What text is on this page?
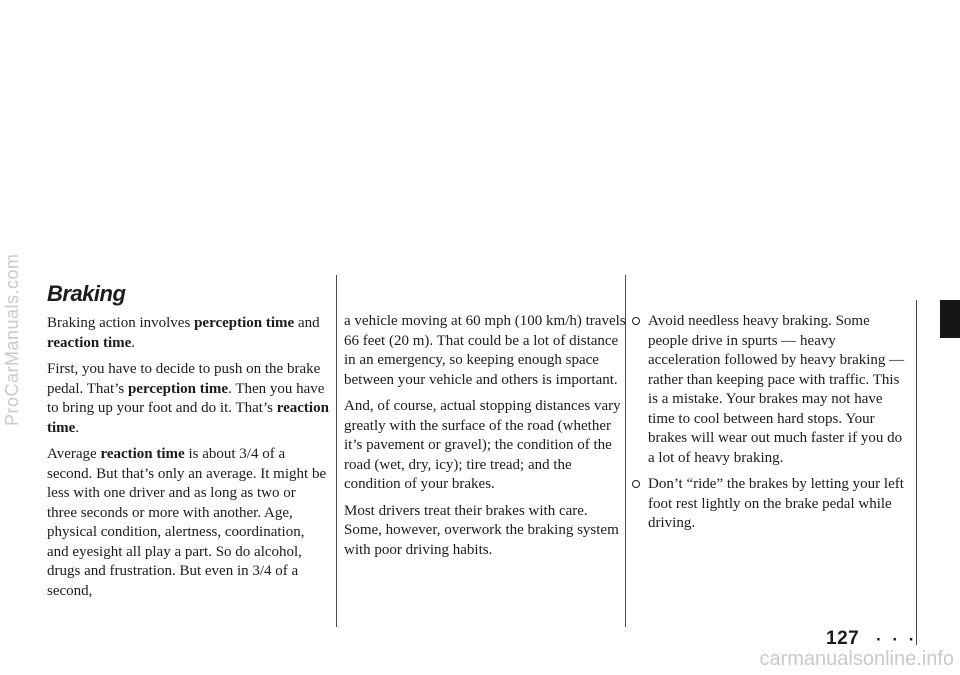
ProCarManuals.com
carmanualsonline.info
Braking

Braking action involves perception time and reaction time.

First, you have to decide to push on the brake pedal. That’s perception time. Then you have to bring up your foot and do it. That’s reaction time.

Average reaction time is about 3/4 of a second. But that’s only an average. It might be less with one driver and as long as two or three seconds or more with another. Age, physical condition, alertness, coordination, and eyesight all play a part. So do alcohol, drugs and frustration. But even in 3/4 of a second,

a vehicle moving at 60 mph (100 km/h) travels 66 feet (20 m). That could be a lot of distance in an emergency, so keeping enough space between your vehicle and others is important.

And, of course, actual stopping distances vary greatly with the surface of the road (whether it’s pavement or gravel); the condition of the road (wet, dry, icy); tire tread; and the condition of your brakes.

Most drivers treat their brakes with care. Some, however, overwork the braking system with poor driving habits.

Avoid needless heavy braking. Some people drive in spurts — heavy acceleration followed by heavy braking — rather than keeping pace with traffic. This is a mistake. Your brakes may not have time to cool between hard stops. Your brakes will wear out much faster if you do a lot of heavy braking.
Don’t “ride” the brakes by letting your left foot rest lightly on the brake pedal while driving.
127 · · ·
